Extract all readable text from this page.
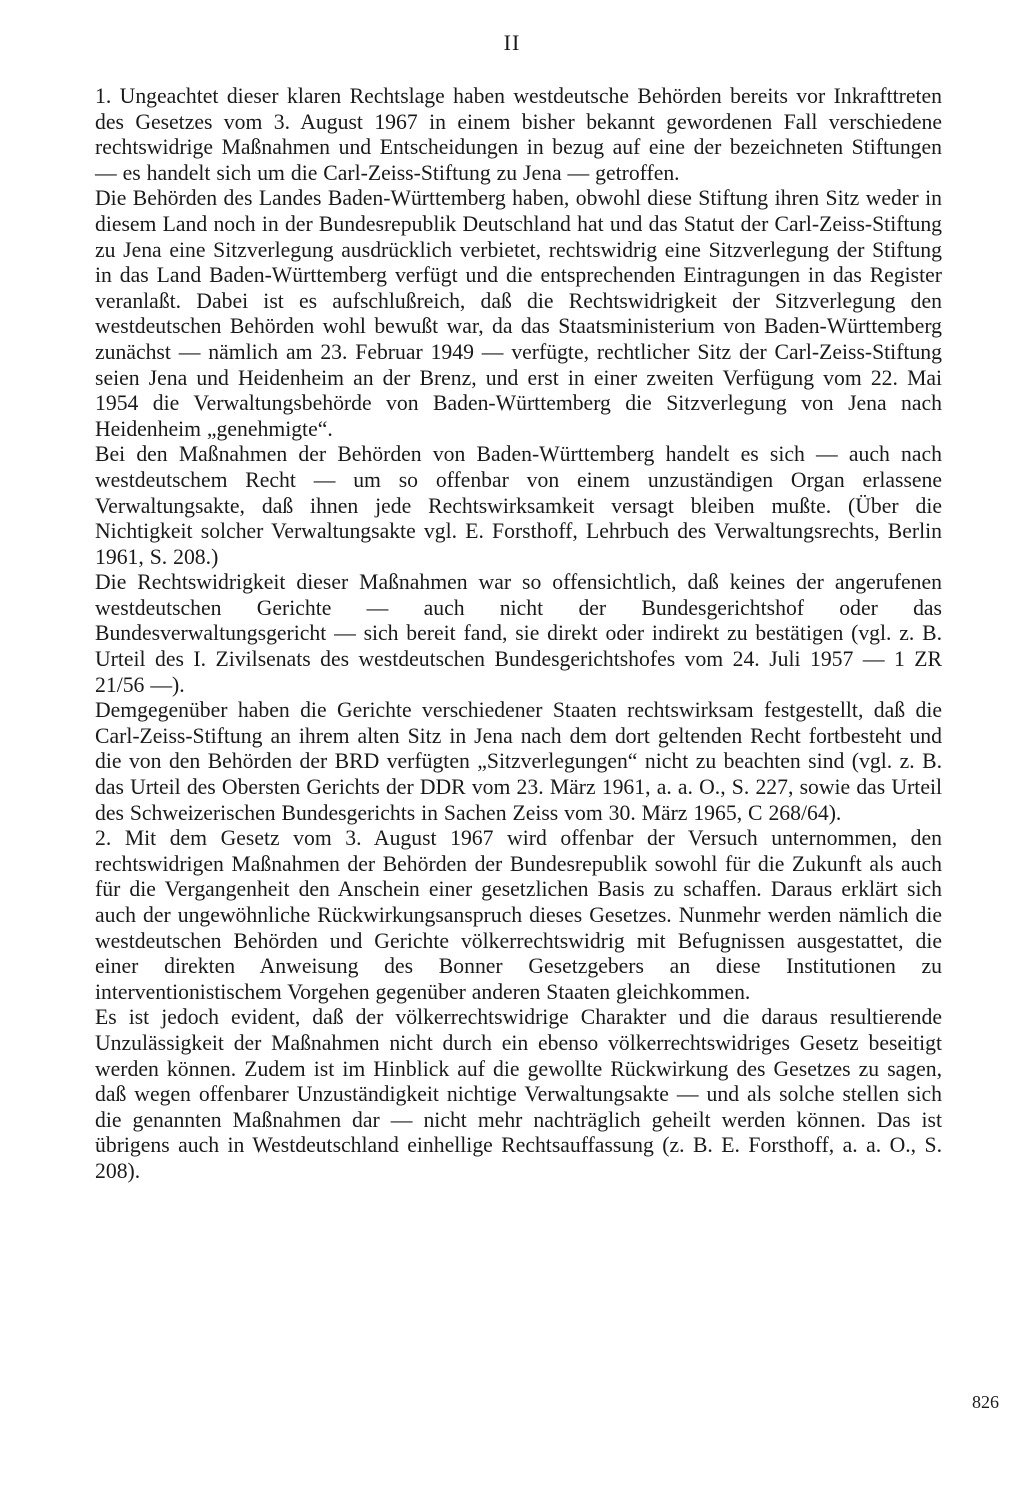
II

1. Ungeachtet dieser klaren Rechtslage haben westdeutsche Behörden bereits vor Inkrafttreten des Gesetzes vom 3. August 1967 in einem bisher bekannt gewordenen Fall verschiedene rechtswidrige Maßnahmen und Entscheidungen in bezug auf eine der bezeichneten Stiftungen — es handelt sich um die Carl-Zeiss-Stiftung zu Jena — getroffen.

Die Behörden des Landes Baden-Württemberg haben, obwohl diese Stiftung ihren Sitz weder in diesem Land noch in der Bundesrepublik Deutschland hat und das Statut der Carl-Zeiss-Stiftung zu Jena eine Sitzverlegung ausdrücklich verbietet, rechtswidrig eine Sitzverlegung der Stiftung in das Land Baden-Württemberg verfügt und die entsprechenden Eintragungen in das Register veranlaßt. Dabei ist es aufschlußreich, daß die Rechtswidrigkeit der Sitzverlegung den westdeutschen Behörden wohl bewußt war, da das Staatsministerium von Baden-Württemberg zunächst — nämlich am 23. Februar 1949 — verfügte, rechtlicher Sitz der Carl-Zeiss-Stiftung seien Jena und Heidenheim an der Brenz, und erst in einer zweiten Verfügung vom 22. Mai 1954 die Verwaltungsbehörde von Baden-Württemberg die Sitzverlegung von Jena nach Heidenheim „genehmigte“.

Bei den Maßnahmen der Behörden von Baden-Württemberg handelt es sich — auch nach westdeutschem Recht — um so offenbar von einem unzuständigen Organ erlassene Verwaltungsakte, daß ihnen jede Rechtswirksamkeit versagt bleiben mußte. (Über die Nichtigkeit solcher Verwaltungsakte vgl. E. Forsthoff, Lehrbuch des Verwaltungsrechts, Berlin 1961, S. 208.)

Die Rechtswidrigkeit dieser Maßnahmen war so offensichtlich, daß keines der angerufenen westdeutschen Gerichte — auch nicht der Bundesgerichtshof oder das Bundesverwaltungsgericht — sich bereit fand, sie direkt oder indirekt zu bestätigen (vgl. z. B. Urteil des I. Zivilsenats des westdeutschen Bundesgerichtshofes vom 24. Juli 1957 — 1 ZR 21/56 —).

Demgegenüber haben die Gerichte verschiedener Staaten rechtswirksam festgestellt, daß die Carl-Zeiss-Stiftung an ihrem alten Sitz in Jena nach dem dort geltenden Recht fortbesteht und die von den Behörden der BRD verfügten „Sitzverlegungen“ nicht zu beachten sind (vgl. z. B. das Urteil des Obersten Gerichts der DDR vom 23. März 1961, a. a. O., S. 227, sowie das Urteil des Schweizerischen Bundesgerichts in Sachen Zeiss vom 30. März 1965, C 268/64).

2. Mit dem Gesetz vom 3. August 1967 wird offenbar der Versuch unternommen, den rechtswidrigen Maßnahmen der Behörden der Bundesrepublik sowohl für die Zukunft als auch für die Vergangenheit den Anschein einer gesetzlichen Basis zu schaffen. Daraus erklärt sich auch der ungewöhnliche Rückwirkungsanspruch dieses Gesetzes. Nunmehr werden nämlich die westdeutschen Behörden und Gerichte völkerrechtswidrig mit Befugnissen ausgestattet, die einer direkten Anweisung des Bonner Gesetzgebers an diese Institutionen zu interventionistischem Vorgehen gegenüber anderen Staaten gleichkommen.

Es ist jedoch evident, daß der völkerrechtswidrige Charakter und die daraus resultierende Unzulässigkeit der Maßnahmen nicht durch ein ebenso völkerrechtswidriges Gesetz beseitigt werden können. Zudem ist im Hinblick auf die gewollte Rückwirkung des Gesetzes zu sagen, daß wegen offenbarer Unzuständigkeit nichtige Verwaltungsakte — und als solche stellen sich die genannten Maßnahmen dar — nicht mehr nachträglich geheilt werden können. Das ist übrigens auch in Westdeutschland einhellige Rechtsauffassung (z. B. E. Forsthoff, a. a. O., S. 208).

826
